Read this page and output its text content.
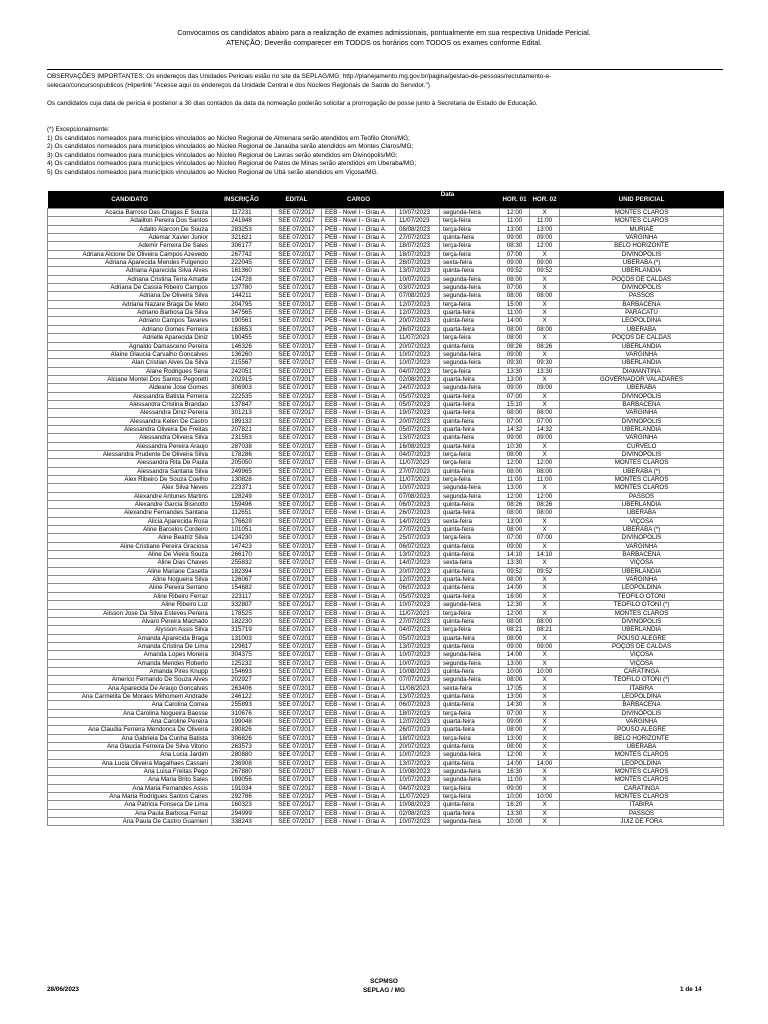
Convocamos os candidatos abaixo para a realização de exames admissionais, pontualmente em sua respectiva Unidade Pericial.
ATENÇÃO: Deverão comparecer em TODOS os horários com TODOS os exames conforme Edital.
OBSERVAÇÕES IMPORTANTES: Os endereços das Unidades Periciais estão no site da SEPLAG/MG: http://planejamento.mg.gov.br/pagina/gestao-de-pessoas/recrutamento-e-
selecao/concursospublicos (Hiperlink "Acesse aqui os endereços da Unidade Central e dos Núcleos Regionais de Saúde do Servidor.")
Os candidatos cuja data de perícia é posterior a 30 dias contados da data da nomeação poderão solicitar a prorrogação de posse junto à Secretaria de Estado de Educação.
(*) Excepcionalmente:
1) Os candidatos nomeados para municípios vinculados ao Núcleo Regional de Almenara serão atendidos em Teófilo Otoni/MG;
2) Os candidatos nomeados para municípios vinculados ao Núcleo Regional de Janaúba serão atendidos em Montes Claros/MG;
3) Os candidatos nomeados para municípios vinculados ao Núcleo Regional de Lavras serão atendidos em Divinópolis/MG;
4) Os candidatos nomeados para municípios vinculados ao Núcleo Regional de Patos de Minas serão atendidos em Uberaba/MG;
5) Os candidatos nomeados para municípios vinculados ao Núcleo Regional de Ubá serão atendidos em Viçosa/MG.
CANDIDATO	INSCRIÇÃO	EDITAL	CARGO	Data		HOR. 01	HOR. 02	UNID PERICIAL
Acacia Barroso Das Chagas E Souza	117231	SEE 07/2017	EEB - Nivel I - Grau A	10/07/2023	segunda-feira	12:00	X	MONTES CLAROS
Adailton Pereira Dos Santos	241948	SEE 07/2017	EEB - Nivel I - Grau A	11/07/2023	terça-feira	11:00	11:00	MONTES CLAROS
Adalto Alarcon De Souza	283253	SEE 07/2017	PEB - Nivel I - Grau A	08/08/2023	terça-feira	13:00	13:00	MURIAÉ
Ademar Xavier Junior	321621	SEE 07/2017	PEB - Nivel I - Grau A	27/07/2023	quinta-feira	09:00	09:00	VARGINHA
Ademir Ferreira De Sales	306177	SEE 07/2017	PEB - Nivel I - Grau A	18/07/2023	terça-feira	08:30	12:00	BELO HORIZONTE
Adriana Alcione De Oliveira Campos Azevedo	267742	SEE 07/2017	PEB - Nivel I - Grau A	18/07/2023	terça-feira	07:00	X	DIVINÓPOLIS
Adriana Aparecida Mendes Fulgencio	222045	SEE 07/2017	EEB - Nivel I - Grau A	28/07/2023	sexta-feira	09:00	09:00	UBERABA (*)
Adriana Aparecida Silva Alves	161360	SEE 07/2017	PEB - Nivel I - Grau A	13/07/2023	quinta-feira	09:52	09:52	UBERLÂNDIA
Adriana Cristina Terra Amatte	124728	SEE 07/2017	EEB - Nivel I - Grau A	10/07/2023	segunda-feira	08:00	X	POÇOS DE CALDAS
Adriana De Cassia Ribeiro Campos	137780	SEE 07/2017	EEB - Nivel I - Grau A	03/07/2023	segunda-feira	07:00	X	DIVINÓPOLIS
Adriana De Oliveira Silva	144211	SEE 07/2017	EEB - Nivel I - Grau A	07/08/2023	segunda-feira	08:00	08:00	PASSOS
Adriana Nazare Braga De Melo	204795	SEE 07/2017	EEB - Nivel I - Grau A	12/07/2023	terça-feira	15:00	X	BARBACENA
Adriano Barbosa Da Silva	347565	SEE 07/2017	EEB - Nivel I - Grau A	12/07/2023	quarta-feira	11:00	X	PARACATU
Adriano Campos Tavares	190561	SEE 07/2017	PEB - Nivel I - Grau A	20/07/2023	quinta-feira	14:00	X	LEOPOLDINA
Adriano Gomes Ferreira	163653	SEE 07/2017	PEB - Nivel I - Grau A	26/07/2023	quarta-feira	08:00	08:00	UBERABA
Adrielle Aparecida Diniz	190455	SEE 07/2017	EEB - Nivel I - Grau A	11/07/2023	terça-feira	08:00	X	POÇOS DE CALDAS
Agnaldo Damasceno Pereira	146326	SEE 07/2017	EEB - Nivel I - Grau A	20/07/2023	quinta-feira	08:26	08:26	UBERLÂNDIA
Alaine Glaucia Carvalho Goncalves	136260	SEE 07/2017	EEB - Nivel I - Grau A	10/07/2023	segunda-feira	09:00	X	VARGINHA
Alan Cristian Alves Da Silva	215567	SEE 07/2017	EEB - Nivel I - Grau A	10/07/2023	segunda-feira	09:30	09:30	UBERLÂNDIA
Alane Rodrigues Sena	242051	SEE 07/2017	EEB - Nivel I - Grau A	04/07/2023	terça-feira	13:30	13:30	DIAMANTINA
Alciane Montel Dos Santos Pegoretti	202915	SEE 07/2017	EEB - Nivel I - Grau A	02/08/2023	quarta-feira	13:00	X	GOVERNADOR VALADARES
Aldeane Jose Gomes	306903	SEE 07/2017	EEB - Nivel I - Grau A	24/07/2023	segunda-feira	09:00	09:00	UBERABA
Alessandra Batista Ferreira	222535	SEE 07/2017	EEB - Nivel I - Grau A	05/07/2023	quarta-feira	07:00	X	DIVINÓPOLIS
Alessandra Cristina Brandao	137847	SEE 07/2017	EEB - Nivel I - Grau A	05/07/2023	quarta-feira	15:10	X	BARBACENA
Alessandra Diniz Pereira	301213	SEE 07/2017	EEB - Nivel I - Grau A	19/07/2023	quarta-feira	08:00	08:00	VARGINHA
Alessandra Kelen De Castro	189132	SEE 07/2017	EEB - Nivel I - Grau A	20/07/2023	quinta-feira	07:00	07:00	DIVINÓPOLIS
Alessandra Oliveira De Freitas	207821	SEE 07/2017	EEB - Nivel I - Grau A	05/07/2023	quarta-feira	14:32	14:32	UBERLÂNDIA
Alessandra Oliveira Silva	231553	SEE 07/2017	EEB - Nivel I - Grau A	13/07/2023	quinta-feira	09:00	09:00	VARGINHA
Alessandra Pereira Araujo	287038	SEE 07/2017	EEB - Nivel I - Grau A	16/08/2023	quarta-feira	10:30	X	CURVELO
Alessandra Prudente De Oliveira Silva	178286	SEE 07/2017	EEB - Nivel I - Grau A	04/07/2023	terça-feira	08:00	X	DIVINÓPOLIS
Alessandra Rita De Paula	205050	SEE 07/2017	EEB - Nivel I - Grau A	11/07/2023	terça-feira	12:00	12:00	MONTES CLAROS
Alessandra Santana Silva	249965	SEE 07/2017	EEB - Nivel I - Grau A	27/07/2023	quinta-feira	08:00	08:00	UBERABA (*)
Alex Ribeiro De Souza Coelho	130828	SEE 07/2017	EEB - Nivel I - Grau A	11/07/2023	terça-feira	11:00	11:00	MONTES CLAROS
Alex Silva Neves	223371	SEE 07/2017	EEB - Nivel I - Grau A	10/07/2023	segunda-feira	13:00	X	MONTES CLAROS
Alexandre Antunes Martins	128249	SEE 07/2017	EEB - Nivel I - Grau A	07/08/2023	segunda-feira	12:00	12:00	PASSOS
Alexandre Garcia Bisinotto	159496	SEE 07/2017	EEB - Nivel I - Grau A	06/07/2023	quinta-feira	08:26	08:26	UBERLÂNDIA
Alexandre Fernandes Santana	112651	SEE 07/2017	EEB - Nivel I - Grau A	26/07/2023	quarta-feira	08:00	08:00	UBERABA
Alicia Aparecida Rosa	176629	SEE 07/2017	EEB - Nivel I - Grau A	14/07/2023	sexta-feira	13:00	X	VIÇOSA
Aline Barcelos Cordeiro	101051	SEE 07/2017	EEB - Nivel I - Grau A	27/07/2023	quinta-feira	08:00	X	UBERABA (*)
Aline Beatriz Silva	124230	SEE 07/2017	EEB - Nivel I - Grau A	25/07/2023	terça-feira	07:00	07:00	DIVINÓPOLIS
Aline Cristiane Pereira Graciosa	147423	SEE 07/2017	EEB - Nivel I - Grau A	06/07/2023	quinta-feira	09:00	X	VARGINHA
Aline De Vieira Souza	266170	SEE 07/2017	EEB - Nivel I - Grau A	13/07/2023	quinta-feira	14:10	14:10	BARBACENA
Aline Dias Chaves	255832	SEE 07/2017	EEB - Nivel I - Grau A	14/07/2023	sexta-feira	13:30	X	VIÇOSA
Aline Mariane Casetta	182394	SEE 07/2017	EEB - Nivel I - Grau A	20/07/2023	quinta-feira	09:52	09:52	UBERLÂNDIA
Aline Nogueira Silva	126067	SEE 07/2017	EEB - Nivel I - Grau A	12/07/2023	quarta-feira	08:00	X	VARGINHA
Aline Pereira Serrano	154682	SEE 07/2017	EEB - Nivel I - Grau A	06/07/2023	quinta-feira	14:00	X	LEOPOLDINA
Aline Ribeiro Ferraz	223117	SEE 07/2017	EEB - Nivel I - Grau A	05/07/2023	quarta-feira	16:00	X	TEÓFILO OTONI
Aline Ribeiro Luz	332807	SEE 07/2017	EEB - Nivel I - Grau A	10/07/2023	segunda-feira	12:30	X	TEÓFILO OTONI (*)
Alisson Jose Da Silva Esteves Pereira	178525	SEE 07/2017	EEB - Nivel I - Grau A	11/07/2023	terça-feira	12:00	X	MONTES CLAROS
Alvaro Pereira Machado	182230	SEE 07/2017	EEB - Nivel I - Grau A	27/07/2023	quinta-feira	08:00	08:00	DIVINÓPOLIS
Alysson Assis Silva	315719	SEE 07/2017	EEB - Nivel I - Grau A	04/07/2023	terça-feira	08:21	08:21	UBERLÂNDIA
Amanda Aparecida Braga	131003	SEE 07/2017	EEB - Nivel I - Grau A	05/07/2023	quarta-feira	08:00	X	POUSO ALEGRE
Amanda Cristina De Lima	129617	SEE 07/2017	EEB - Nivel I - Grau A	13/07/2023	quinta-feira	09:00	09:00	POÇOS DE CALDAS
Amanda Lopes Moreira	304375	SEE 07/2017	EEB - Nivel I - Grau A	10/07/2023	segunda-feira	14:00	X	VIÇOSA
Amanda Mendes Roberto	125232	SEE 07/2017	EEB - Nivel I - Grau A	10/07/2023	segunda-feira	13:00	X	VIÇOSA
Amanda Pires Knupp	154693	SEE 07/2017	EEB - Nivel I - Grau A	10/08/2023	quinta-feira	10:00	10:00	CARATINGA
Americo Fernando De Souza Alves	202927	SEE 07/2017	EEB - Nivel I - Grau A	07/07/2023	segunda-feira	08:00	X	TEÓFILO OTONI (*)
Ana Aparecida De Araujo Goncalves	263406	SEE 07/2017	EEB - Nivel I - Grau A	11/08/2023	sexta-feira	17:05	X	ITABIRA
Ana Carmelita De Moraes Milhomem Andrade	246122	SEE 07/2017	EEB - Nivel I - Grau A	13/07/2023	quinta-feira	13:00	X	LEOPOLDINA
Ana Carolina Correa	255893	SEE 07/2017	EEB - Nivel I - Grau A	06/07/2023	quinta-feira	14:30	X	BARBACENA
Ana Carolina Nogueira Baesse	310676	SEE 07/2017	EEB - Nivel I - Grau A	18/07/2023	terça-feira	07:00	X	DIVINÓPOLIS
Ana Caroline Pereira	199048	SEE 07/2017	EEB - Nivel I - Grau A	12/07/2023	quarta-feira	09:00	X	VARGINHA
Ana Claudia Ferreira Mendonca De Oliveira	280826	SEE 07/2017	EEB - Nivel I - Grau A	26/07/2023	quarta-feira	08:00	X	POUSO ALEGRE
Ana Gabriela Da Cunha Batista	306826	SEE 07/2017	EEB - Nivel I - Grau A	18/07/2023	terça-feira	13:00	X	BELO HORIZONTE
Ana Glaucia Ferreira De Silva Vitorio	263573	SEE 07/2017	EEB - Nivel I - Grau A	20/07/2023	quinta-feira	08:00	X	UBERABA
Ana Lucia Jardim	280880	SEE 07/2017	EEB - Nivel I - Grau A	10/07/2023	segunda-feira	12:00	X	MONTES CLAROS
Ana Lucia Oliveira Magalhaes Cassani	236908	SEE 07/2017	EEB - Nivel I - Grau A	13/07/2023	quinta-feira	14:00	14:00	LEOPOLDINA
Ana Luisa Freitas Pego	267880	SEE 07/2017	EEB - Nivel I - Grau A	10/08/2023	segunda-feira	16:30	X	MONTES CLAROS
Ana Maria Brito Sales	189056	SEE 07/2017	EEB - Nivel I - Grau A	10/07/2023	segunda-feira	11:00	X	MONTES CLAROS
Ana Maria Fernandes Assis	191034	SEE 07/2017	EEB - Nivel I - Grau A	04/07/2023	terça-feira	09:00	X	CARATINGA
Ana Maria Rodrigues Santos Caires	292786	SEE 07/2017	PEB - Nivel I - Grau A	11/07/2023	terça-feira	10:00	10:00	MONTES CLAROS
Ana Patricia Fonseca De Lima	160323	SEE 07/2017	EEB - Nivel I - Grau A	10/08/2023	quinta-feira	16:20	X	ITABIRA
Ana Paula Barbosa Ferraz	294999	SEE 07/2017	EEB - Nivel I - Grau A	02/08/2023	quarta-feira	13:30	X	PASSOS
Ana Paula De Castro Guarnieri	338243	SEE 07/2017	EEB - Nivel I - Grau A	10/07/2023	segunda-feira	10:00	X	JUIZ DE FORA
28/06/2023
SCPMSO
SEPLAG / MG	1 de 14
